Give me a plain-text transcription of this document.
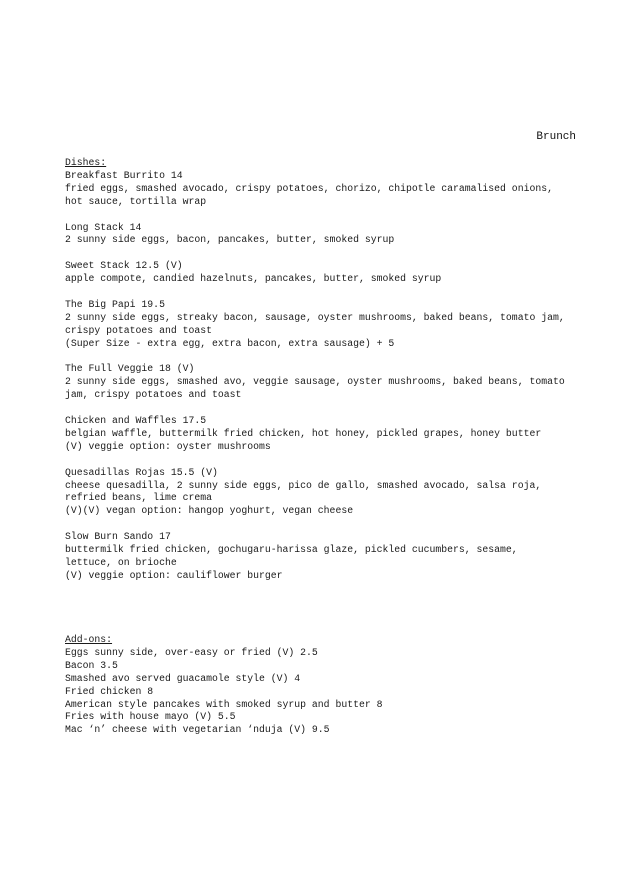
Brunch
Dishes:
Breakfast Burrito 14
fried eggs, smashed avocado, crispy potatoes, chorizo, chipotle caramalised onions,
hot sauce, tortilla wrap
Long Stack 14
2 sunny side eggs, bacon, pancakes, butter, smoked syrup
Sweet Stack 12.5 (V)
apple compote, candied hazelnuts, pancakes, butter, smoked syrup
The Big Papi 19.5
2 sunny side eggs, streaky bacon, sausage, oyster mushrooms, baked beans, tomato jam,
crispy potatoes and toast
(Super Size - extra egg, extra bacon, extra sausage) + 5
The Full Veggie 18 (V)
2 sunny side eggs, smashed avo, veggie sausage, oyster mushrooms, baked beans, tomato
jam, crispy potatoes and toast
Chicken and Waffles 17.5
belgian waffle, buttermilk fried chicken, hot honey, pickled grapes, honey butter
(V) veggie option: oyster mushrooms
Quesadillas Rojas 15.5 (V)
cheese quesadilla, 2 sunny side eggs, pico de gallo, smashed avocado, salsa roja,
refried beans, lime crema
(V)(V) vegan option: hangop yoghurt, vegan cheese
Slow Burn Sando 17
buttermilk fried chicken, gochugaru-harissa glaze, pickled cucumbers, sesame,
lettuce, on brioche
(V) veggie option: cauliflower burger
Add-ons:
Eggs sunny side, over-easy or fried (V) 2.5
Bacon 3.5
Smashed avo served guacamole style (V) 4
Fried chicken 8
American style pancakes with smoked syrup and butter 8
Fries with house mayo (V) 5.5
Mac ‘n’ cheese with vegetarian ‘nduja (V) 9.5
